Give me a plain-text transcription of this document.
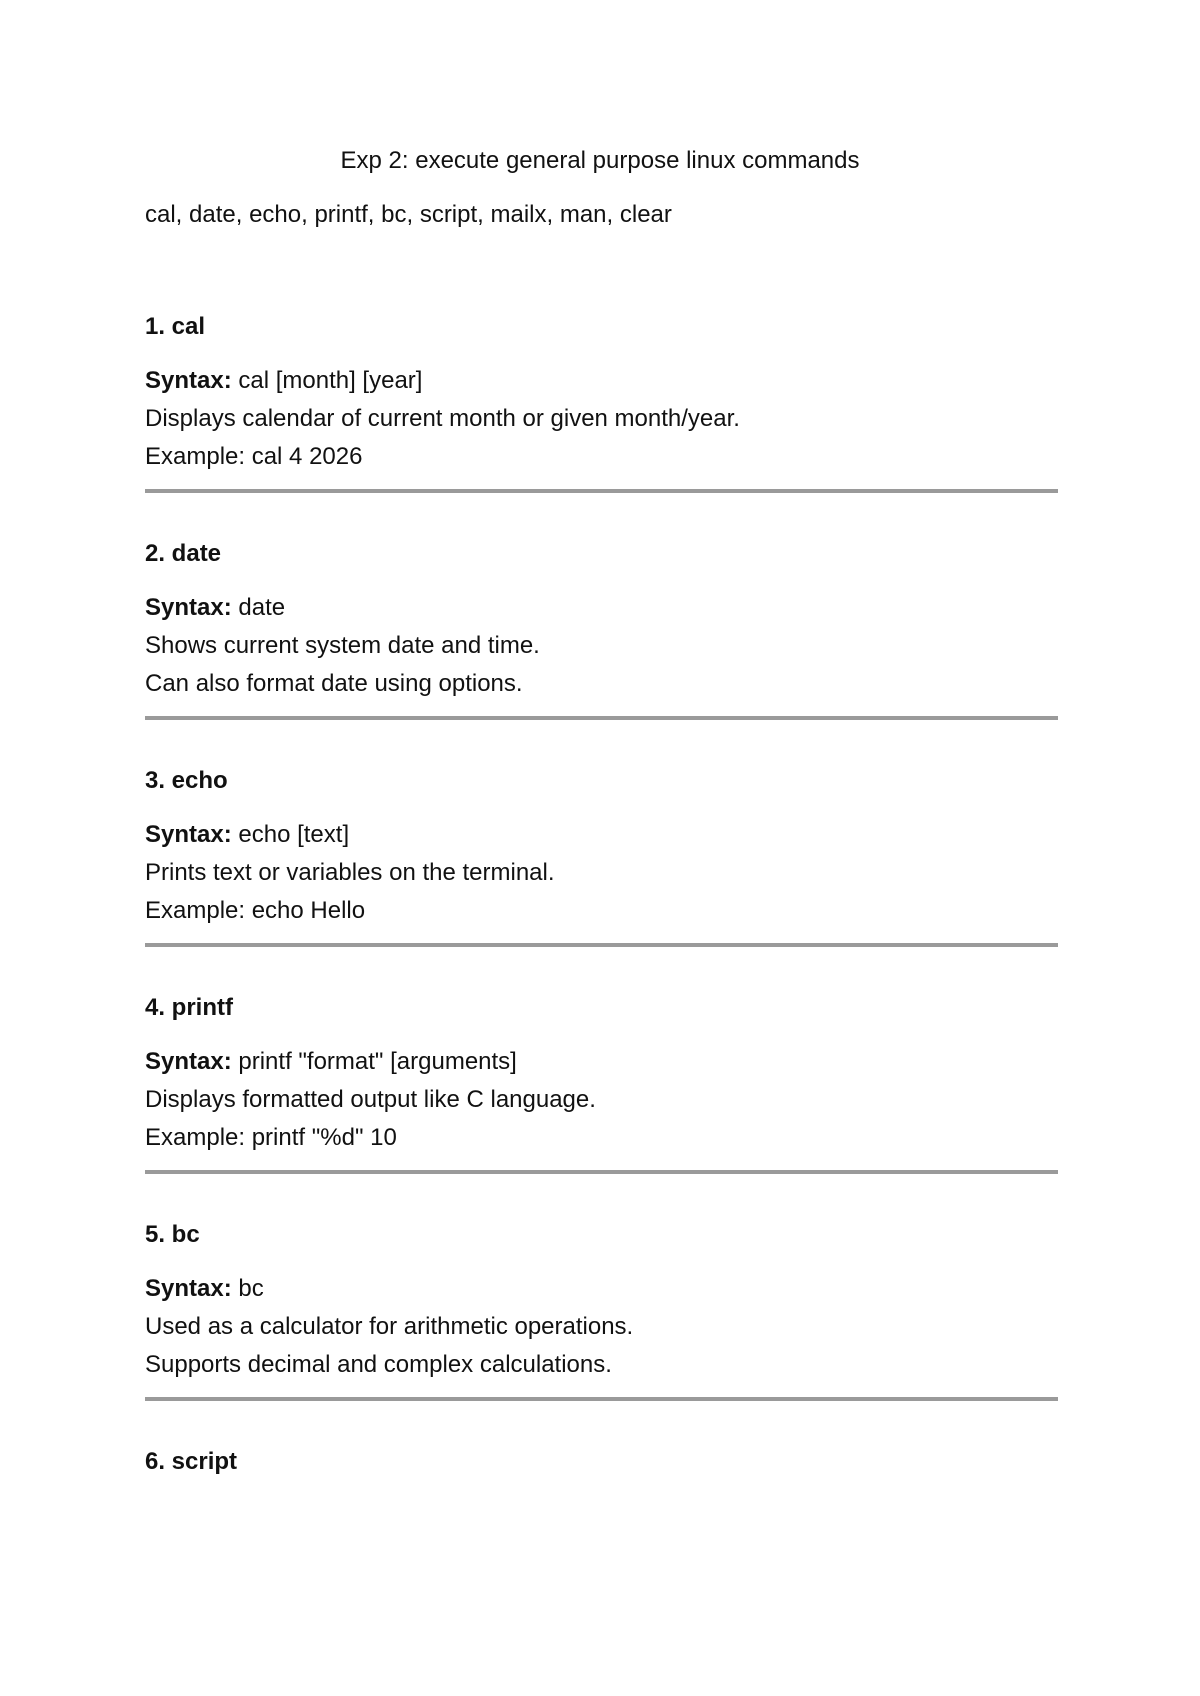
Exp 2: execute general purpose linux commands
cal, date, echo, printf, bc, script, mailx, man, clear
1. cal

Syntax: cal [month] [year]

Displays calendar of current month or given month/year.

Example: cal 4 2026

2. date

Syntax: date

Shows current system date and time.

Can also format date using options.

3. echo

Syntax: echo [text]

Prints text or variables on the terminal.

Example: echo Hello

4. printf

Syntax: printf "format" [arguments]

Displays formatted output like C language.

Example: printf "%d" 10

5. bc

Syntax: bc

Used as a calculator for arithmetic operations.

Supports decimal and complex calculations.

6. script
